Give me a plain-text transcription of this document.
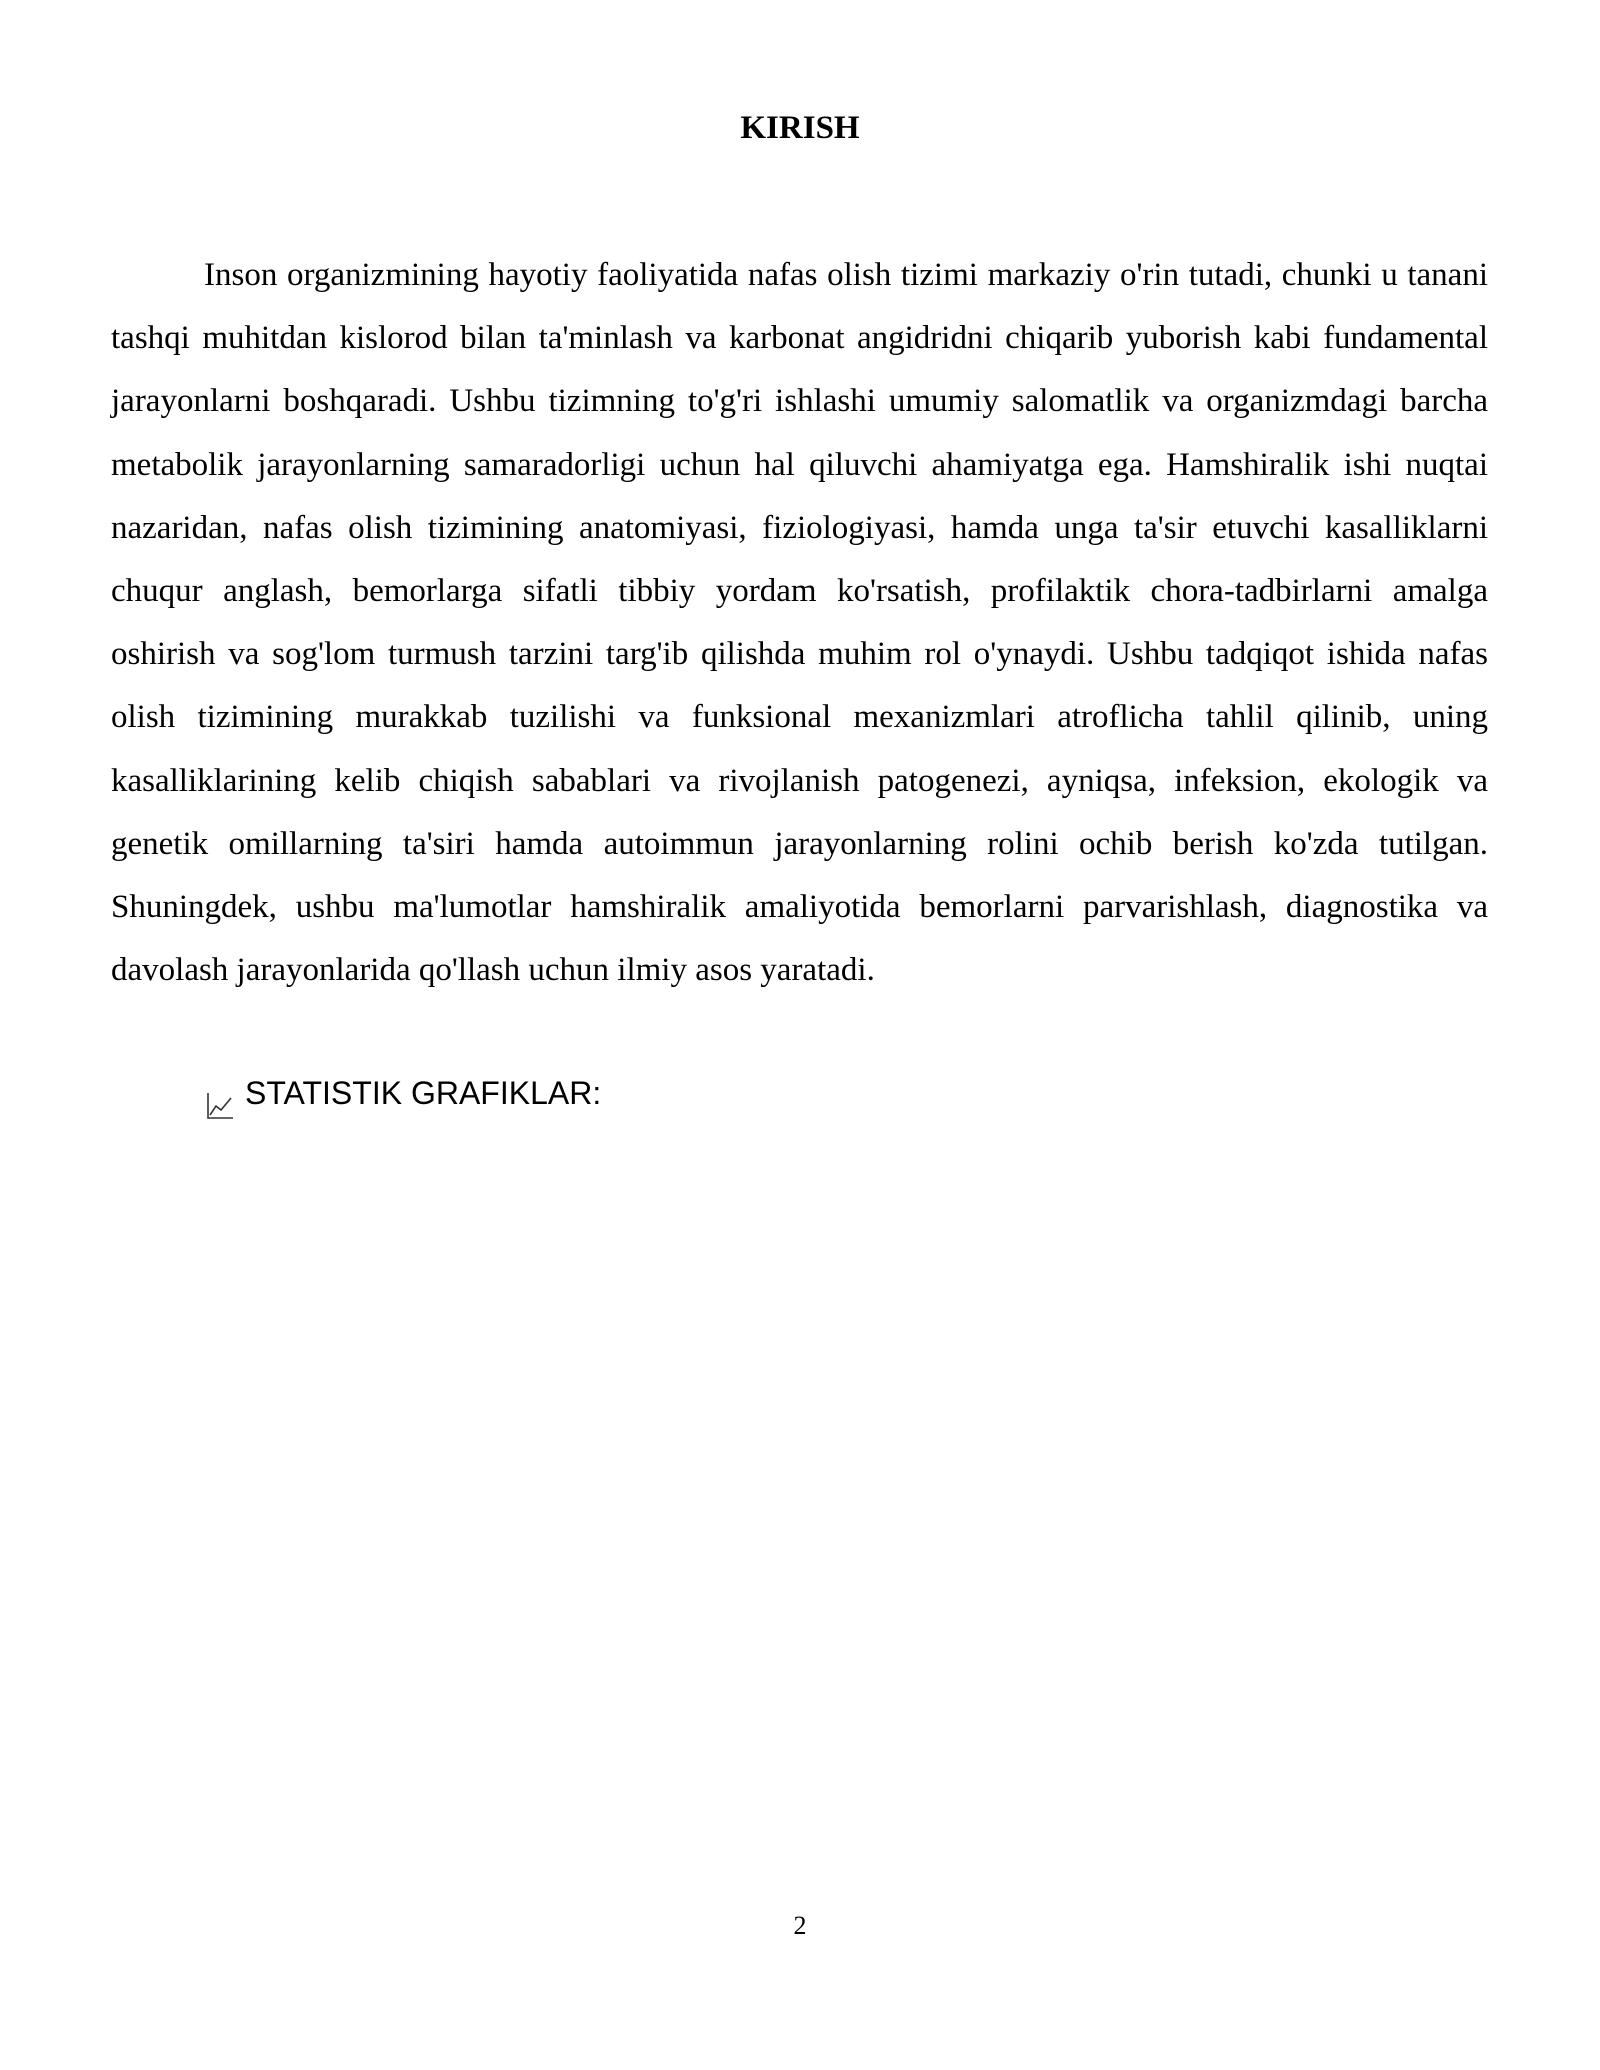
KIRISH

Inson organizmining hayotiy faoliyatida nafas olish tizimi markaziy o'rin tutadi, chunki u tanani tashqi muhitdan kislorod bilan ta'minlash va karbonat angidridni chiqarib yuborish kabi fundamental jarayonlarni boshqaradi. Ushbu tizimning to'g'ri ishlashi umumiy salomatlik va organizmdagi barcha metabolik jarayonlarning samaradorligi uchun hal qiluvchi ahamiyatga ega. Hamshiralik ishi nuqtai nazaridan, nafas olish tizimining anatomiyasi, fiziologiyasi, hamda unga ta'sir etuvchi kasalliklarni chuqur anglash, bemorlarga sifatli tibbiy yordam ko'rsatish, profilaktik chora-tadbirlarni amalga oshirish va sog'lom turmush tarzini targ'ib qilishda muhim rol o'ynaydi. Ushbu tadqiqot ishida nafas olish tizimining murakkab tuzilishi va funksional mexanizmlari atroflicha tahlil qilinib, uning kasalliklarining kelib chiqish sabablari va rivojlanish patogenezi, ayniqsa, infeksion, ekologik va genetik omillarning ta'siri hamda autoimmun jarayonlarning rolini ochib berish ko'zda tutilgan. Shuningdek, ushbu ma'lumotlar hamshiralik amaliyotida bemorlarni parvarishlash, diagnostika va davolash jarayonlarida qo'llash uchun ilmiy asos yaratadi.

STATISTIK GRAFIKLAR:
2
